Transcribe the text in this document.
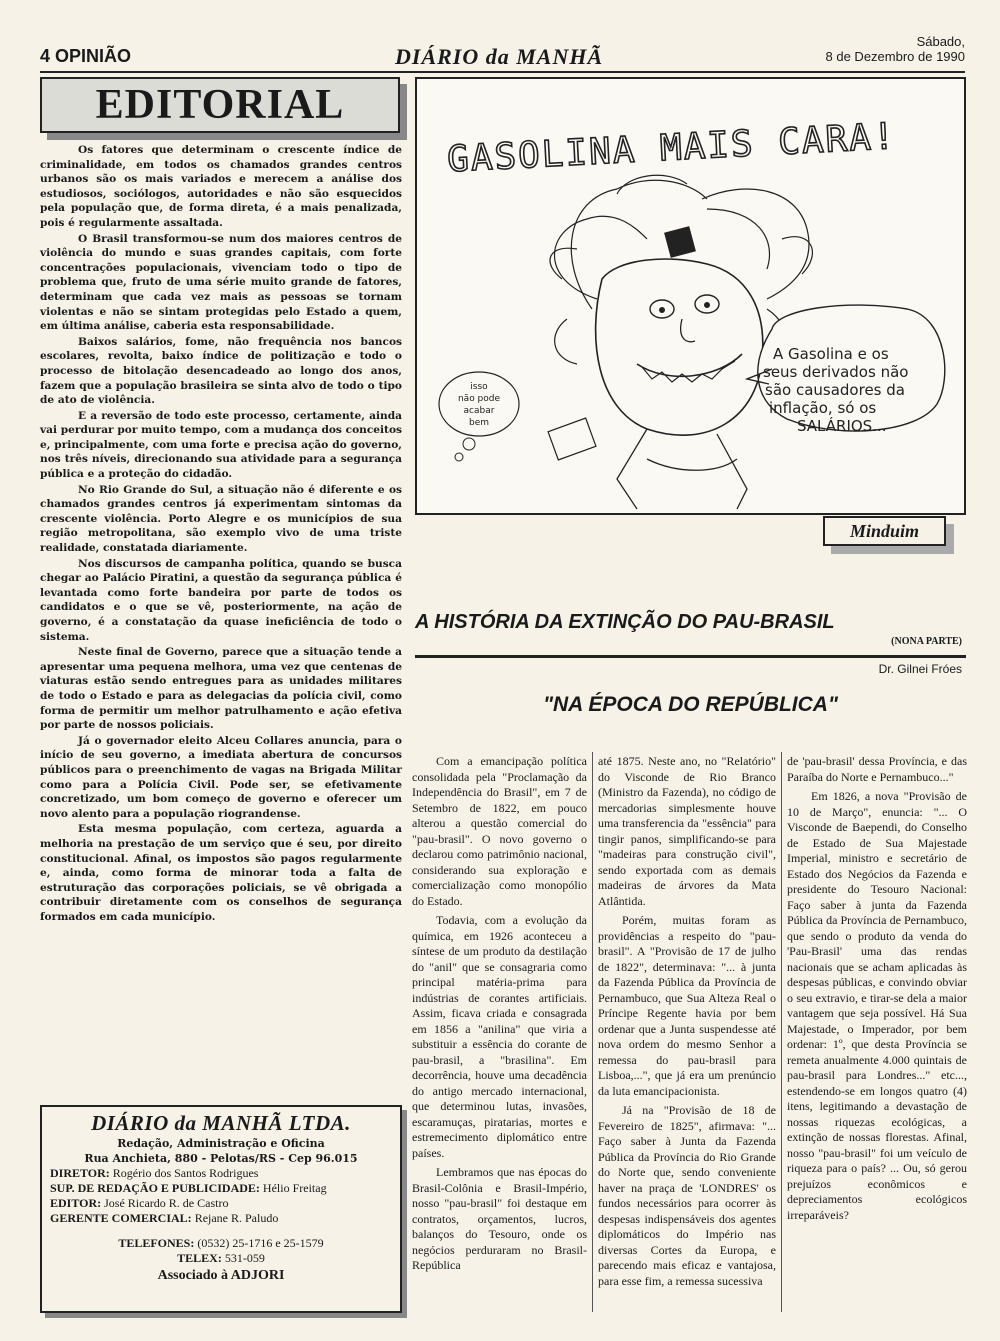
4 OPINIÃO	DIÁRIO da MANHÃ
Sábado,
8 de Dezembro de 1990
EDITORIAL

Os fatores que determinam o crescente índice de criminalidade, em todos os chamados grandes centros urbanos são os mais variados e merecem a análise dos estudiosos, sociólogos, autoridades e não são esquecidos pela população que, de forma direta, é a mais penalizada, pois é regularmente assaltada.

O Brasil transformou-se num dos maiores centros de violência do mundo e suas grandes capitais, com forte concentrações populacionais, vivenciam todo o tipo de problema que, fruto de uma série muito grande de fatores, determinam que cada vez mais as pessoas se tornam violentas e não se sintam protegidas pelo Estado a quem, em última análise, caberia esta responsabilidade.

Baixos salários, fome, não frequência nos bancos escolares, revolta, baixo índice de politização e todo o processo de bitolação desencadeado ao longo dos anos, fazem que a população brasileira se sinta alvo de todo o tipo de ato de violência.

E a reversão de todo este processo, certamente, ainda vai perdurar por muito tempo, com a mudança dos conceitos e, principalmente, com uma forte e precisa ação do governo, nos três níveis, direcionando sua atividade para a segurança pública e a proteção do cidadão.

No Rio Grande do Sul, a situação não é diferente e os chamados grandes centros já experimentam sintomas da crescente violência. Porto Alegre e os municípios de sua região metropolitana, são exemplo vivo de uma triste realidade, constatada diariamente.

Nos discursos de campanha política, quando se busca chegar ao Palácio Piratini, a questão da segurança pública é levantada como forte bandeira por parte de todos os candidatos e o que se vê, posteriormente, na ação de governo, é a constatação da quase ineficiência de todo o sistema.

Neste final de Governo, parece que a situação tende a apresentar uma pequena melhora, uma vez que centenas de viaturas estão sendo entregues para as unidades militares de todo o Estado e para as delegacias da polícia civil, como forma de permitir um melhor patrulhamento e ação efetiva por parte de nossos policiais.

Já o governador eleito Alceu Collares anuncia, para o início de seu governo, a imediata abertura de concursos públicos para o preenchimento de vagas na Brigada Militar como para a Polícia Civil. Pode ser, se efetivamente concretizado, um bom começo de governo e oferecer um novo alento para a população riograndense.

Esta mesma população, com certeza, aguarda a melhoria na prestação de um serviço que é seu, por direito constitucional. Afinal, os impostos são pagos regularmente e, ainda, como forma de minorar toda a falta de estruturação das corporações policiais, se vê obrigada a contribuir diretamente com os conselhos de segurança formados em cada município.

DIÁRIO da MANHÃ LTDA.
Redação, Administração e Oficina
Rua Anchieta, 880 - Pelotas/RS - Cep 96.015
DIRETOR: Rogério dos Santos Rodrigues
SUP. DE REDAÇÃO E PUBLICIDADE: Hélio Freitag
EDITOR: José Ricardo R. de Castro
GERENTE COMERCIAL: Rejane R. Paludo
TELEFONES: (0532) 25-1716 e 25-1579
TELEX: 531-059
Associado à ADJORI
GASOLINA MAIS CARA!
A Gasolina e os
seus derivados não
são causadores da
inflação, só os
SALÁRIOS...
isso
não pode
acabar
bem
Minduim
A HISTÓRIA DA EXTINÇÃO DO PAU-BRASIL
(NONA PARTE)
Dr. Gilnei Fróes
"NA ÉPOCA DO REPÚBLICA"

Com a emancipação política consolidada pela "Proclamação da Independência do Brasil", em 7 de Setembro de 1822, em pouco alterou a questão comercial do "pau-brasil". O novo governo o declarou como patrimônio nacional, considerando sua exploração e comercialização como monopólio do Estado.

Todavia, com a evolução da química, em 1926 aconteceu a síntese de um produto da destilação do "anil" que se consagraria como principal matéria-prima para indústrias de corantes artificiais. Assim, ficava criada e consagrada em 1856 a "anilina" que viria a substituir a essência do corante de pau-brasil, a "brasilina". Em decorrência, houve uma decadência do antigo mercado internacional, que determinou lutas, invasões, escaramuças, piratarias, mortes e estremecimento diplomático entre países.

Lembramos que nas épocas do Brasil-Colônia e Brasil-Império, nosso "pau-brasil" foi destaque em contratos, orçamentos, lucros, balanços do Tesouro, onde os negócios perduraram no Brasil-República

até 1875. Neste ano, no "Relatório" do Visconde de Rio Branco (Ministro da Fazenda), no código de mercadorias simplesmente houve uma transferencia da "essência" para tingir panos, simplificando-se para "madeiras para construção civil", sendo exportada com as demais madeiras de árvores da Mata Atlântida.

Porém, muitas foram as providências a respeito do "pau-brasil". A "Provisão de 17 de julho de 1822", determinava: "... à junta da Fazenda Pública da Província de Pernambuco, que Sua Alteza Real o Príncipe Regente havia por bem ordenar que a Junta suspendesse até nova ordem do mesmo Senhor a remessa do pau-brasil para Lisboa,...", que já era um prenúncio da luta emancipacionista.

Já na "Provisão de 18 de Fevereiro de 1825", afirmava: "... Faço saber à Junta da Fazenda Pública da Província do Rio Grande do Norte que, sendo conveniente haver na praça de 'LONDRES' os fundos necessários para ocorrer às despesas indispensáveis dos agentes diplomáticos do Império nas diversas Cortes da Europa, e parecendo mais eficaz e vantajosa, para esse fim, a remessa sucessiva

de 'pau-brasil' dessa Província, e das Paraíba do Norte e Pernambuco..."

Em 1826, a nova "Provisão de 10 de Março", enuncia: "... O Visconde de Baependi, do Conselho de Estado de Sua Majestade Imperial, ministro e secretário de Estado dos Negócios da Fazenda e presidente do Tesouro Nacional: Faço saber à junta da Fazenda Pública da Província de Pernambuco, que sendo o produto da venda do 'Pau-Brasil' uma das rendas nacionais que se acham aplicadas às despesas públicas, e convindo obviar o seu extravio, e tirar-se dela a maior vantagem que seja possível. Há Sua Majestade, o Imperador, por bem ordenar: 1º, que desta Província se remeta anualmente 4.000 quintais de pau-brasil para Londres..." etc..., estendendo-se em longos quatro (4) itens, legitimando a devastação de nossas riquezas ecológicas, a extinção de nossas florestas. Afinal, nosso "pau-brasil" foi um veículo de riqueza para o país? ... Ou, só gerou prejuízos econômicos e depreciamentos ecológicos irreparáveis?
